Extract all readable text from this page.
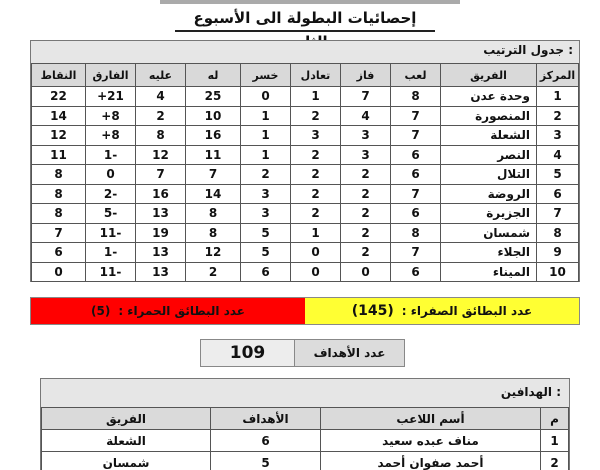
إحصائيات البطولة الى الأسبوع
جدول الترتيب :
المركز	الفريق	لعب	فاز	تعادل	خسر	له	عليه	الفارق	النقاط
1	وحدة عدن	8	7	1	0	25	4	21+	22
2	المنصورة	7	4	2	1	10	2	8+	14
3	الشعلة	7	3	3	1	16	8	8+	12
4	النصر	6	3	2	1	11	12	-1	11
5	التلال	6	2	2	2	7	7	0	8
6	الروضة	7	2	2	3	14	16	-2	8
7	الجزيرة	6	2	2	3	8	13	-5	8
8	شمسان	8	2	1	5	8	19	-11	7
9	الجلاء	7	2	0	5	12	13	-1	6
10	الميناء	6	0	0	6	2	13	-11	0
عدد البطائق الحمراء :
(5)	عدد البطائق الصفراء :
(145)
عدد الأهداف
109
الهدافين :
م	أسم اللاعب	الأهداف	الفريق
1	مناف عبده سعيد	6	الشعلة
2	أحمد صفوان أحمد	5	شمسان
